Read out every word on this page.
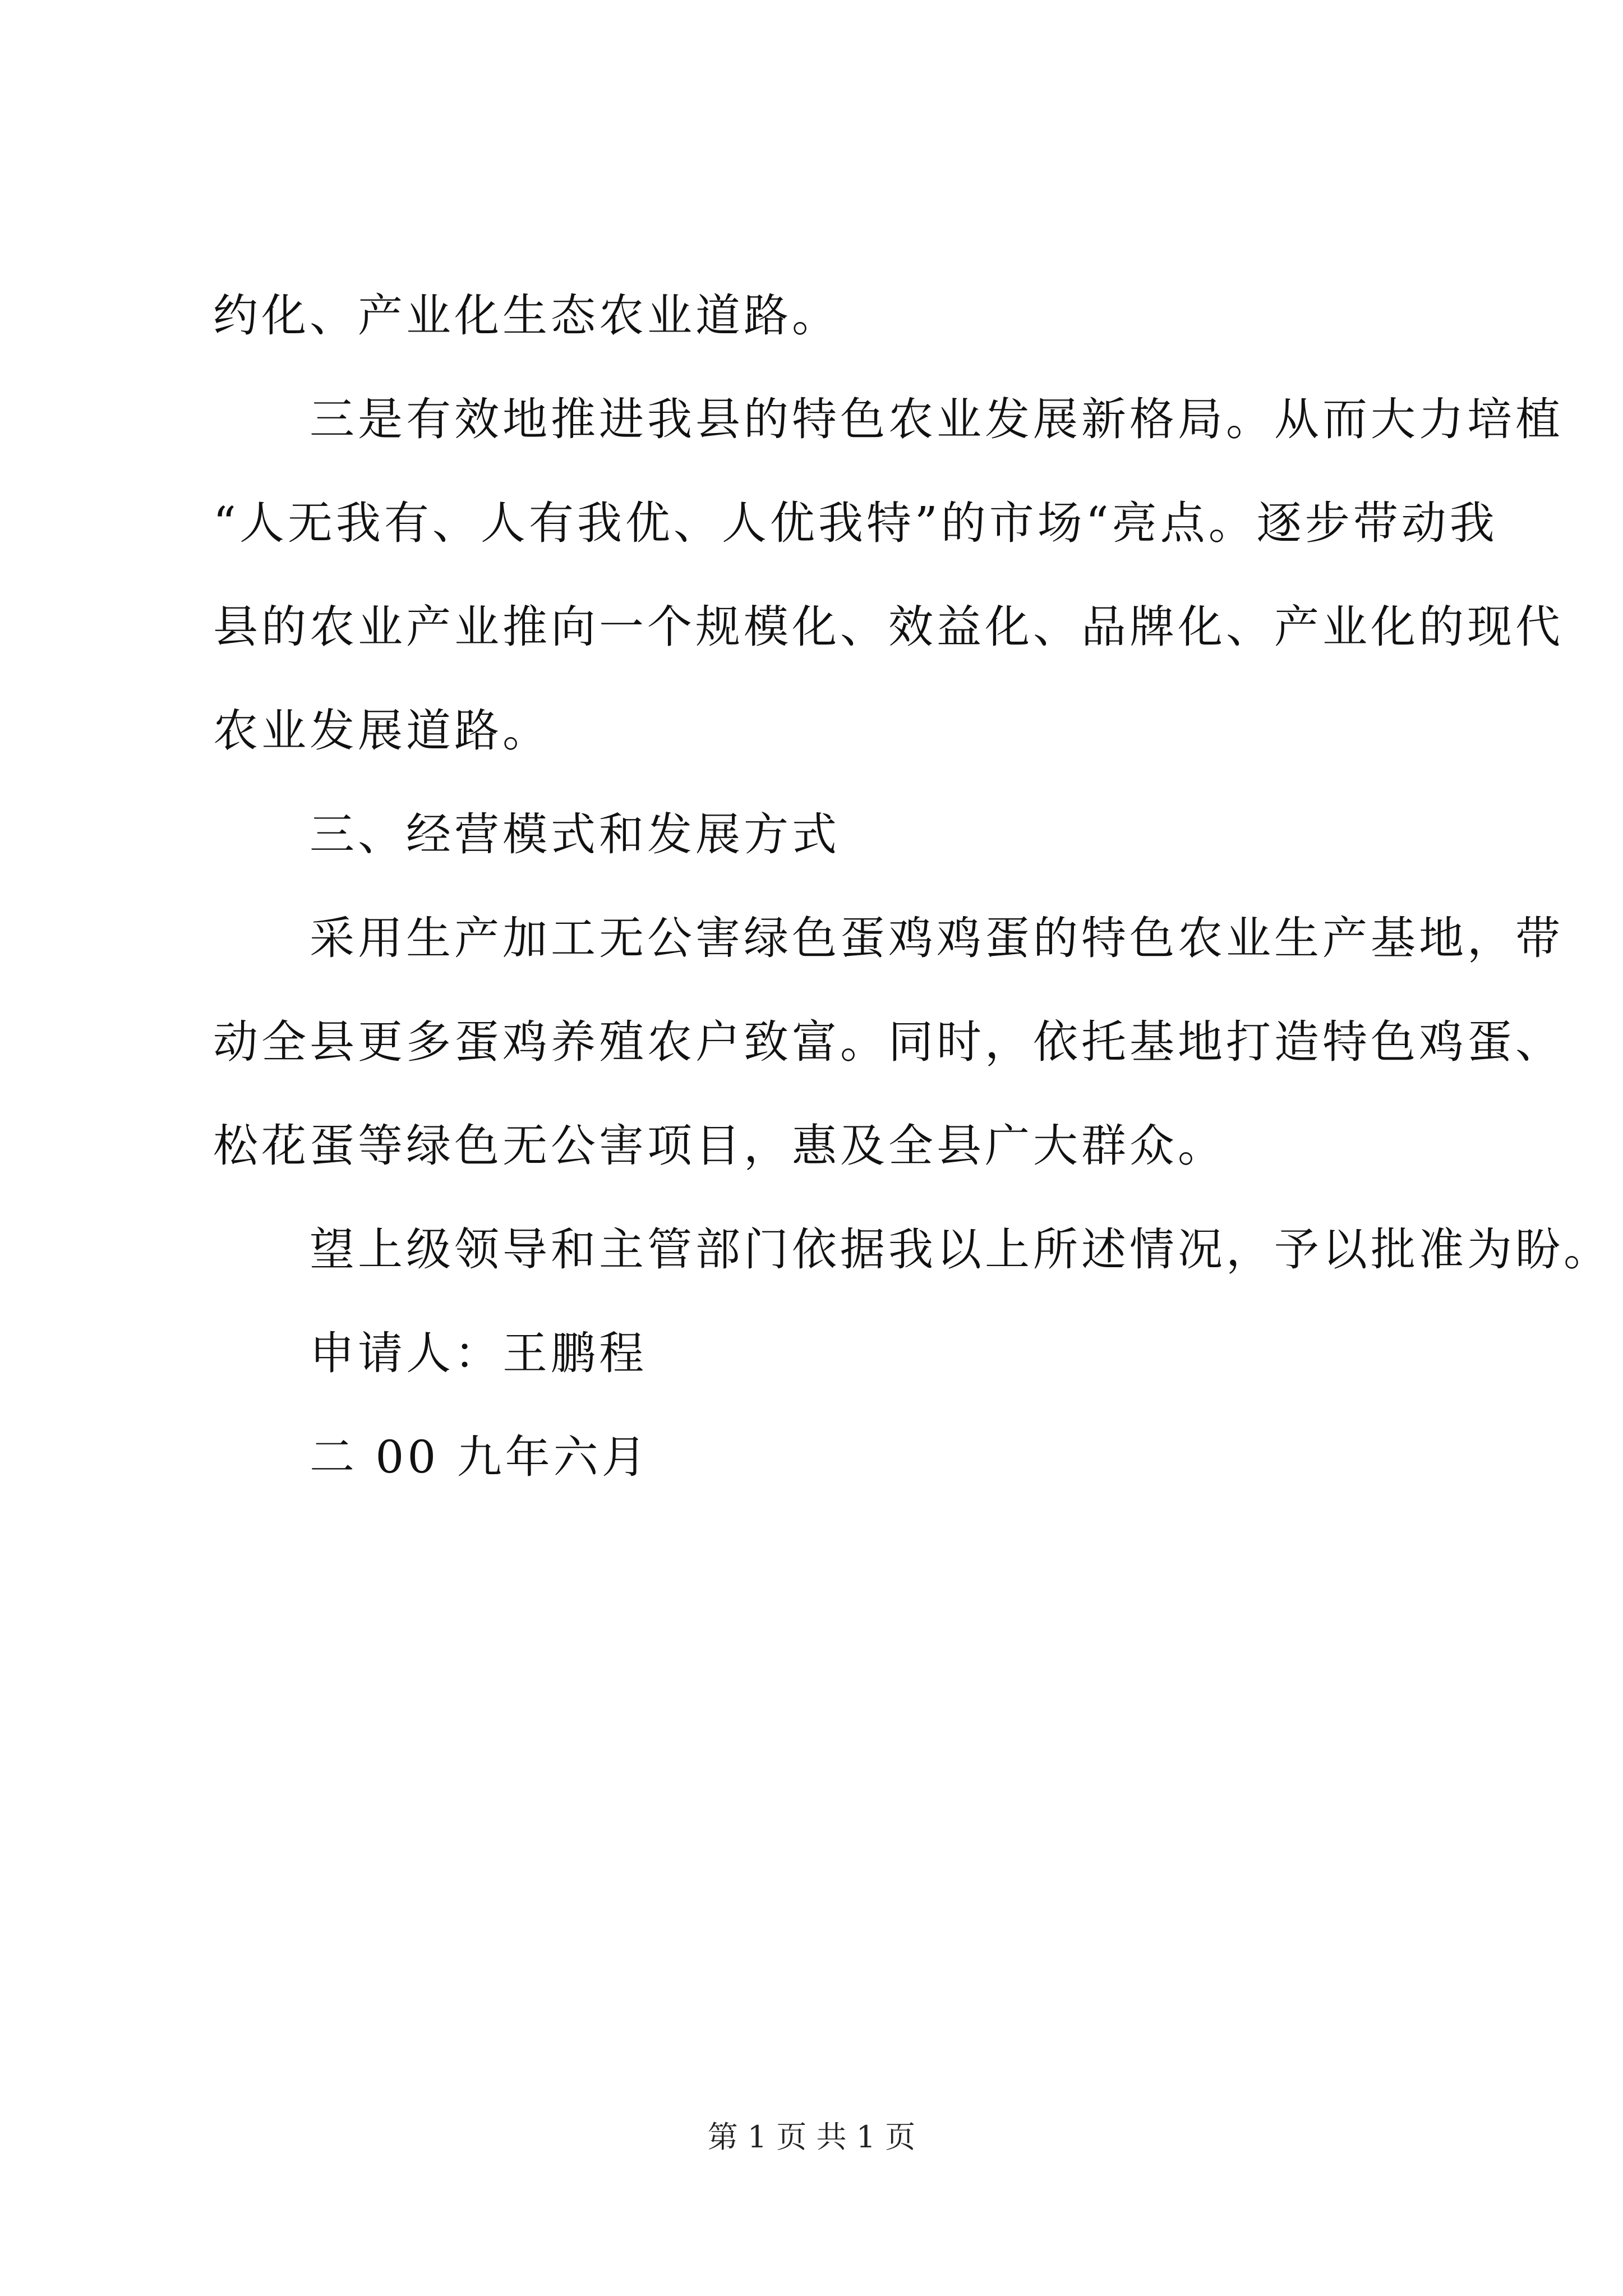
约化、产业化生态农业道路。
三是有效地推进我县的特色农业发展新格局。从而大力培植
“人无我有、人有我优、人优我特”的市场“亮点。逐步带动我
县的农业产业推向一个规模化、效益化、品牌化、产业化的现代
农业发展道路。
三、经营模式和发展方式
采用生产加工无公害绿色蛋鸡鸡蛋的特色农业生产基地，带
动全县更多蛋鸡养殖农户致富。同时，依托基地打造特色鸡蛋、
松花蛋等绿色无公害项目，惠及全县广大群众。
望上级领导和主管部门依据我以上所述情况，予以批准为盼。
申请人：王鹏程
二 00 九年六月
第 1 页 共 1 页
